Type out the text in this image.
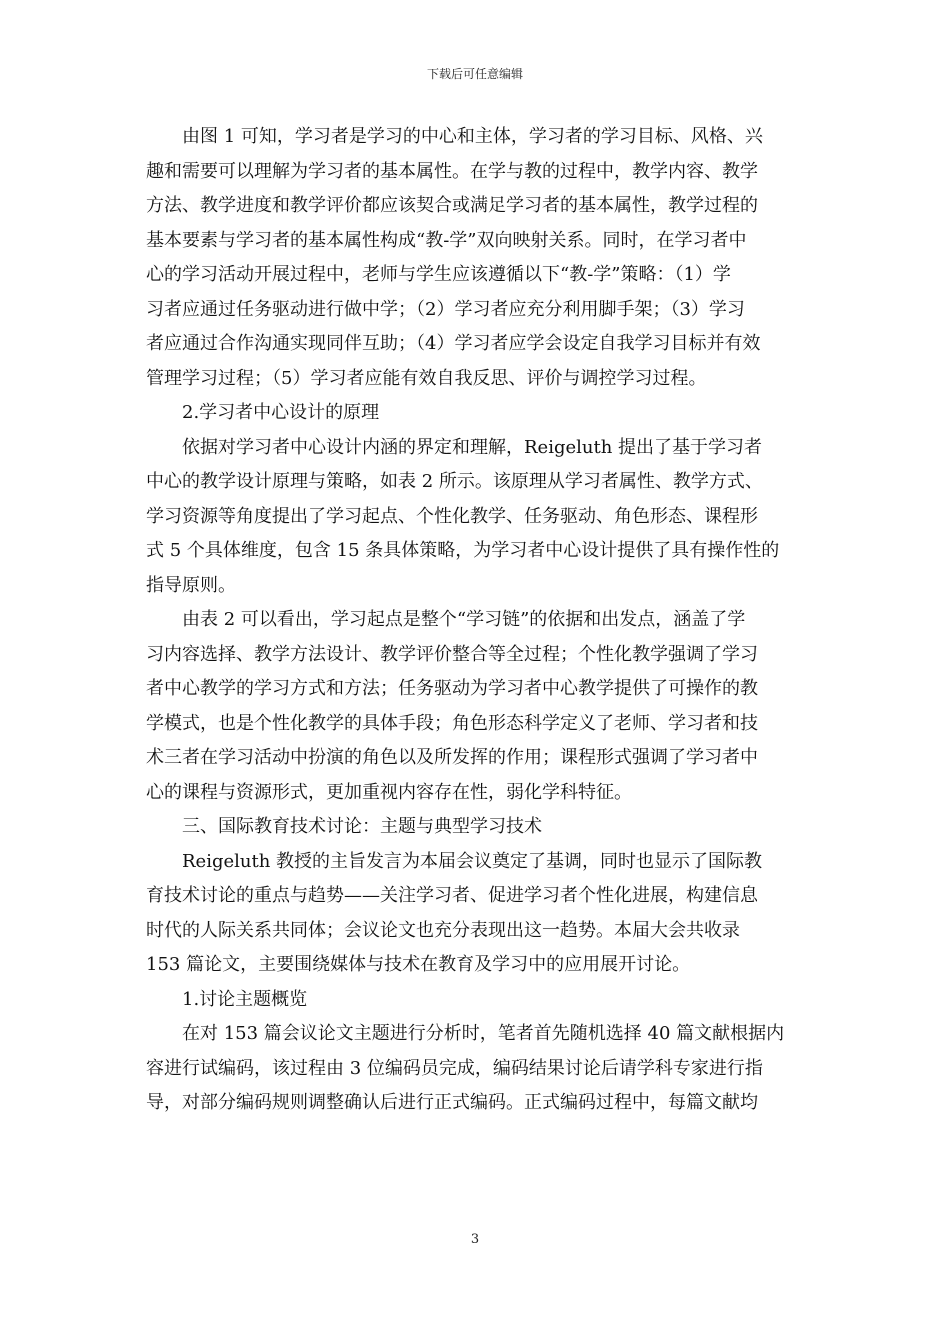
下载后可任意编辑
由图 1 可知，学习者是学习的中心和主体，学习者的学习目标、风格、兴
趣和需要可以理解为学习者的基本属性。在学与教的过程中，教学内容、教学
方法、教学进度和教学评价都应该契合或满足学习者的基本属性，教学过程的
基本要素与学习者的基本属性构成“教-学”双向映射关系。同时，在学习者中
心的学习活动开展过程中，老师与学生应该遵循以下“教-学”策略：（1）学
习者应通过任务驱动进行做中学；（2）学习者应充分利用脚手架；（3）学习
者应通过合作沟通实现同伴互助；（4）学习者应学会设定自我学习目标并有效
管理学习过程；（5）学习者应能有效自我反思、评价与调控学习过程。
2.学习者中心设计的原理
依据对学习者中心设计内涵的界定和理解，Reigeluth 提出了基于学习者
中心的教学设计原理与策略，如表 2 所示。该原理从学习者属性、教学方式、
学习资源等角度提出了学习起点、个性化教学、任务驱动、角色形态、课程形
式 5 个具体维度，包含 15 条具体策略，为学习者中心设计提供了具有操作性的
指导原则。
由表 2 可以看出，学习起点是整个“学习链”的依据和出发点，涵盖了学
习内容选择、教学方法设计、教学评价整合等全过程；个性化教学强调了学习
者中心教学的学习方式和方法；任务驱动为学习者中心教学提供了可操作的教
学模式，也是个性化教学的具体手段；角色形态科学定义了老师、学习者和技
术三者在学习活动中扮演的角色以及所发挥的作用；课程形式强调了学习者中
心的课程与资源形式，更加重视内容存在性，弱化学科特征。
三、国际教育技术讨论：主题与典型学习技术
Reigeluth 教授的主旨发言为本届会议奠定了基调，同时也显示了国际教
育技术讨论的重点与趋势——关注学习者、促进学习者个性化进展，构建信息
时代的人际关系共同体；会议论文也充分表现出这一趋势。本届大会共收录
153 篇论文，主要围绕媒体与技术在教育及学习中的应用展开讨论。
1.讨论主题概览
在对 153 篇会议论文主题进行分析时，笔者首先随机选择 40 篇文献根据内
容进行试编码，该过程由 3 位编码员完成，编码结果讨论后请学科专家进行指
导，对部分编码规则调整确认后进行正式编码。正式编码过程中，每篇文献均
3
